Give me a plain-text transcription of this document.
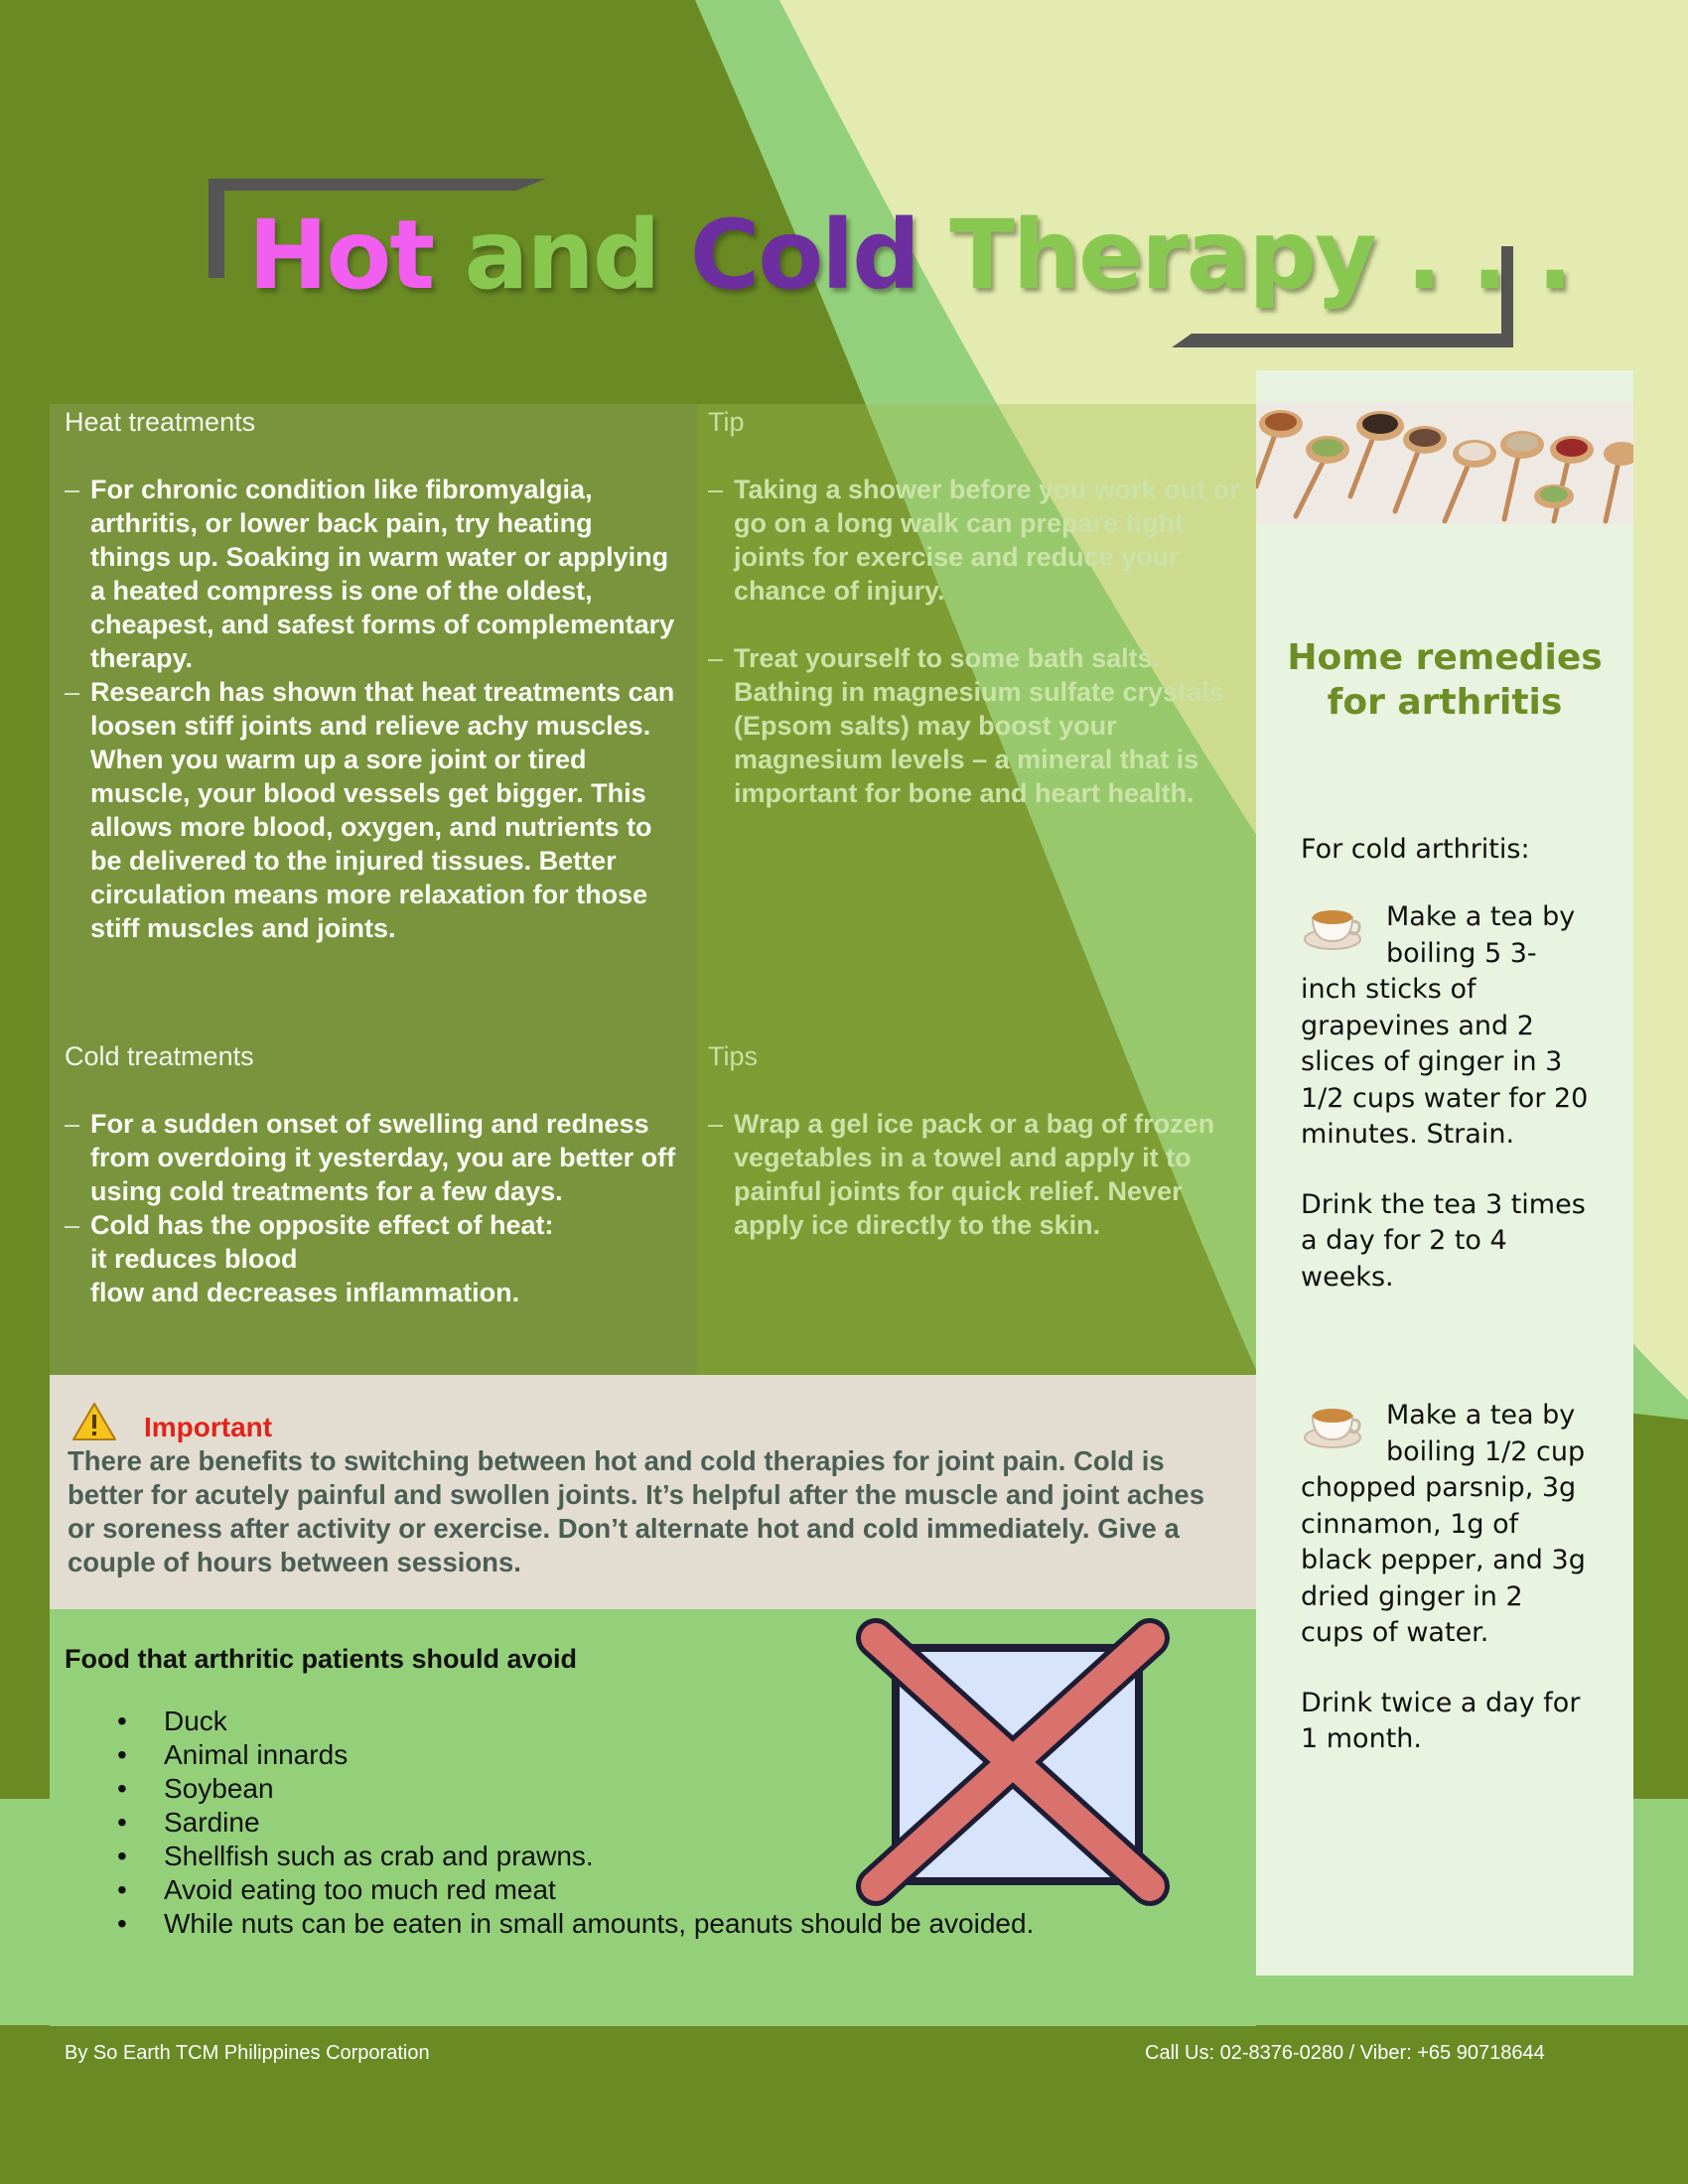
Hot and Cold Therapy . . .
Heat treatments
– For chronic condition like fibromyalgia, arthritis, or lower back pain, try heating things up. Soaking in warm water or applying a heated compress is one of the oldest, cheapest, and safest forms of complementary therapy.
– Research has shown that heat treatments can loosen stiff joints and relieve achy muscles. When you warm up a sore joint or tired muscle, your blood vessels get bigger. This allows more blood, oxygen, and nutrients to be delivered to the injured tissues. Better circulation means more relaxation for those stiff muscles and joints.
Tip
– Taking a shower before you work out or go on a long walk can prepare tight joints for exercise and reduce your chance of injury.
– Treat yourself to some bath salts. Bathing in magnesium sulfate crystals (Epsom salts) may boost your magnesium levels – a mineral that is important for bone and heart health.
Cold treatments
– For a sudden onset of swelling and redness from overdoing it yesterday, you are better off using cold treatments for a few days.
– Cold has the opposite effect of heat:
it reduces blood
flow and decreases inflammation.
Tips
– Wrap a gel ice pack or a bag of frozen vegetables in a towel and apply it to painful joints for quick relief. Never apply ice directly to the skin.
Important
There are benefits to switching between hot and cold therapies for joint pain. Cold is better for acutely painful and swollen joints. It’s helpful after the muscle and joint aches or soreness after activity or exercise. Don’t alternate hot and cold immediately. Give a couple of hours between sessions.
Food that arthritic patients should avoid
• Duck
• Animal innards
• Soybean
• Sardine
• Shellfish such as crab and prawns.
• Avoid eating too much red meat
• While nuts can be eaten in small amounts, peanuts should be avoided.
Home remedies
for arthritis
For cold arthritis:
Make a tea by
boiling 5 3-
inch sticks of
grapevines and 2
slices of ginger in 3
1/2 cups water for 20
minutes. Strain.
Drink the tea 3 times
a day for 2 to 4
weeks.
Make a tea by
boiling 1/2 cup
chopped parsnip, 3g
cinnamon, 1g of
black pepper, and 3g
dried ginger in 2
cups of water.
Drink twice a day for
1 month.
By So Earth TCM Philippines Corporation	Call Us: 02-8376-0280 / Viber: +65 90718644
